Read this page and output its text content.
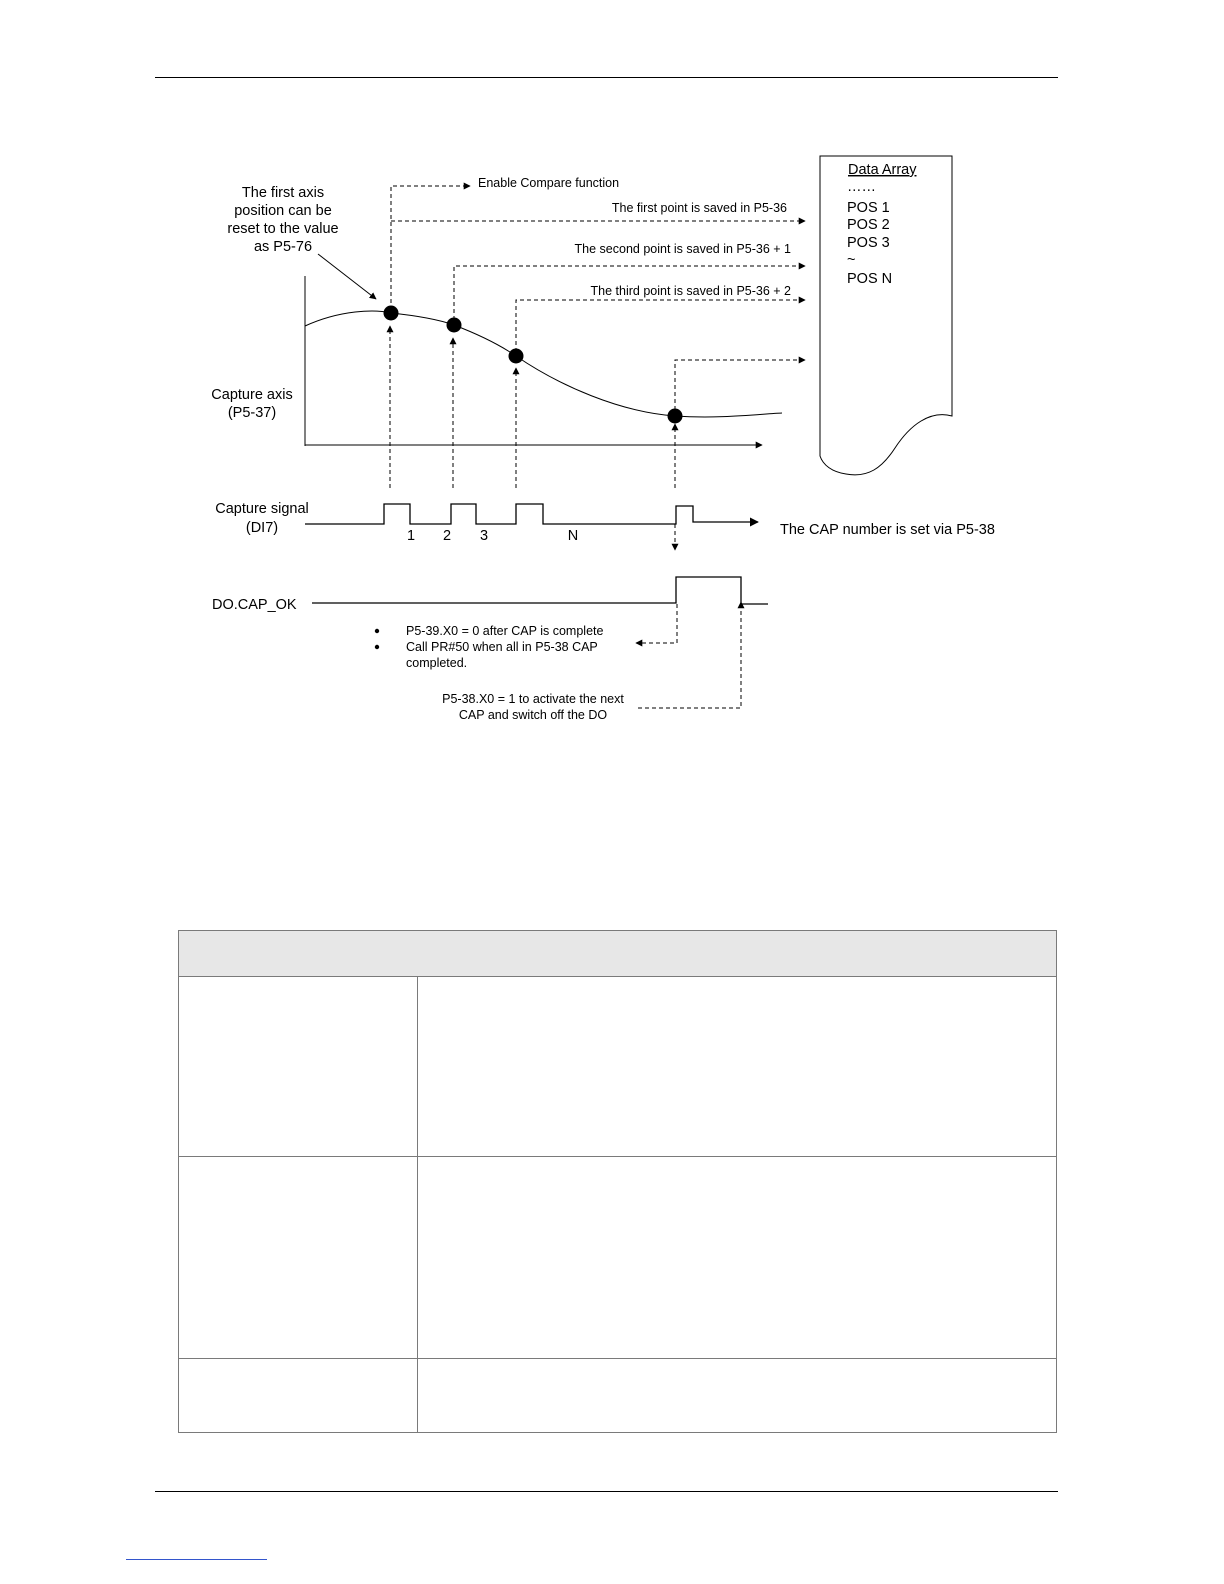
The first axis
position can be
reset to the value
as P5-76
Enable Compare function
The first point is saved in P5-36
The second point is saved in P5-36 + 1
The third point is saved in P5-36 + 2
Capture axis
(P5-37)
Capture signal
(DI7)	1 2 3	N	The CAP number is set via P5-38
DO.CAP_OK
P5-39.X0 = 0 after CAP is complete
Call PR#50 when all in P5-38 CAP
completed.
P5-38.X0 = 1 to activate the next
CAP and switch off the DO
Data Array
……
POS 1
POS 2
POS 3
~
POS N
